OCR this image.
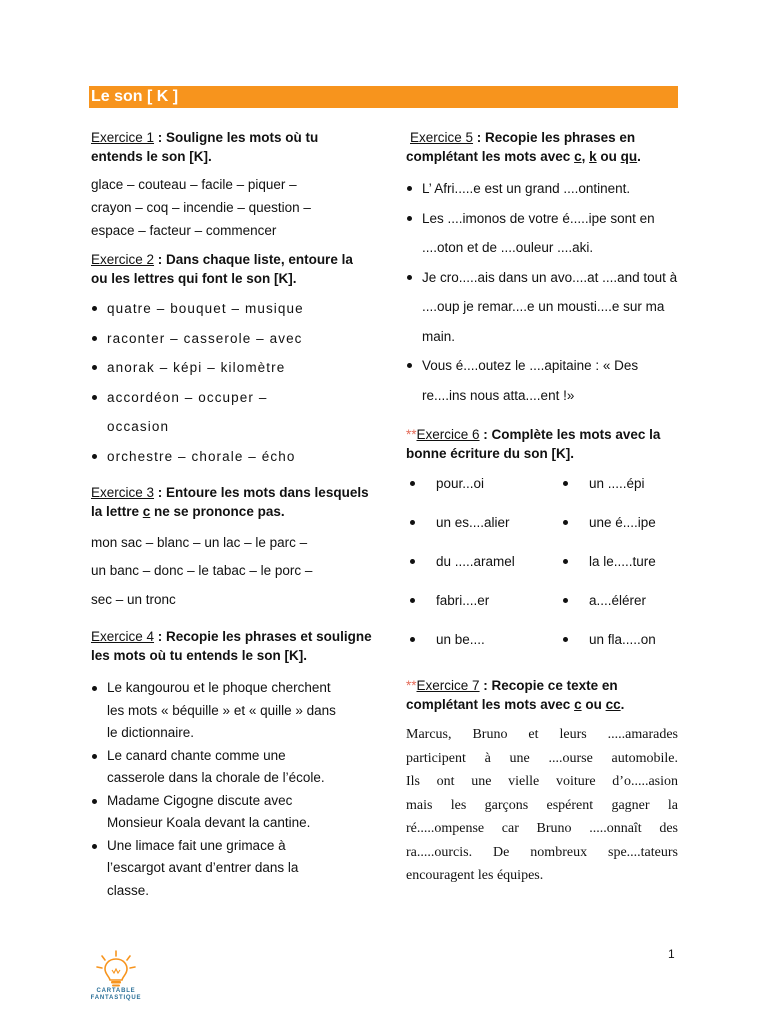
Le son [ K ]

Exercice 1 : Souligne les mots où tu entends le son [K].

glace – couteau – facile – piquer –

crayon – coq – incendie – question –

espace – facteur – commencer

Exercice 2 : Dans chaque liste, entoure la ou les lettres qui font le son [K].

quatre – bouquet – musique
raconter – casserole – avec
anorak – képi – kilomètre
accordéon – occuper – occasion
orchestre – chorale – écho

Exercice 3 : Entoure les mots dans lesquels la lettre c ne se prononce pas.

mon sac – blanc – un lac – le parc –

un banc – donc – le tabac – le porc –

sec – un tronc

Exercice 4 : Recopie les phrases et souligne les mots où tu entends le son [K].

Le kangourou et le phoque cherchent les mots « béquille » et « quille » dans le dictionnaire.
Le canard chante comme une casserole dans la chorale de l’école.
Madame Cigogne discute avec Monsieur Koala devant la cantine.
Une limace fait une grimace à l’escargot avant d’entrer dans la classe.

Exercice 5 : Recopie les phrases en complétant les mots avec c, k ou qu.

L’ Afri.....e est un grand ....ontinent.
Les ....imonos de votre é.....ipe sont en ....oton et de ....ouleur ....aki.
Je cro.....ais dans un avo....at ....and tout à ....oup je remar....e un mousti....e sur ma main.
Vous é....outez le ....apitaine : « Des re....ins nous atta....ent !»

**Exercice 6 : Complète les mots avec la bonne écriture du son [K].

pour...oi	un .....épi
un es....alier	une é....ipe
du .....aramel	la le.....ture
fabri....er	a....élérer
un be....	un fla.....on

**Exercice 7 : Recopie ce texte en complétant les mots avec c ou cc.

Marcus, Bruno et leurs .....amarades
participent à une ....ourse automobile.
Ils ont une vielle voiture d’o.....asion
mais les garçons espérent gagner la
ré.....ompense car Bruno .....onnaît des
ra.....ourcis. De nombreux spe....tateurs
encouragent les équipes.
1
CARTABLE
FANTASTIQUE
